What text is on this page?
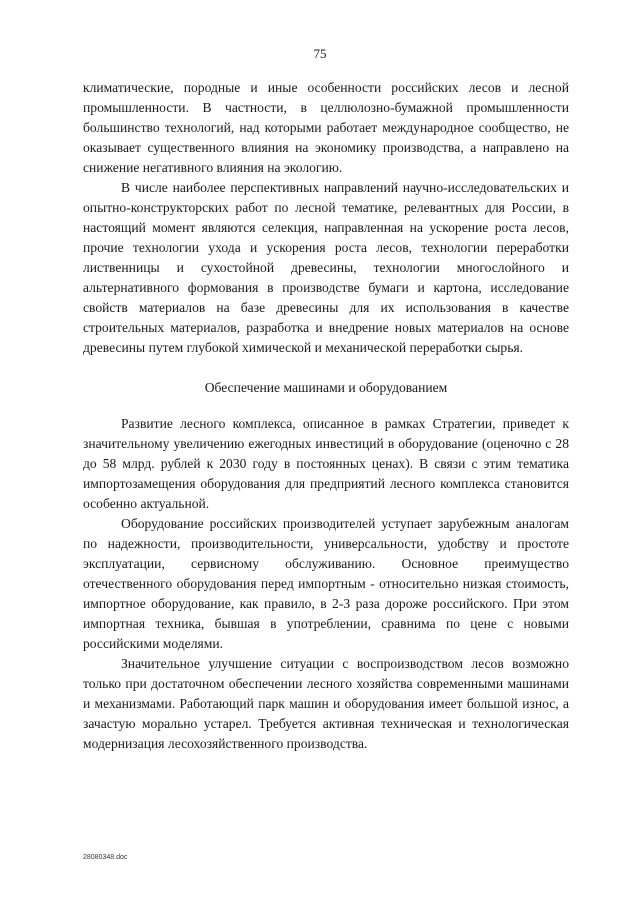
75

климатические, породные и иные особенности российских лесов и лесной промышленности. В частности, в целлюлозно-бумажной промышленности большинство технологий, над которыми работает международное сообщество, не оказывает существенного влияния на экономику производства, а направлено на снижение негативного влияния на экологию.

В числе наиболее перспективных направлений научно-исследовательских и опытно-конструкторских работ по лесной тематике, релевантных для России, в настоящий момент являются селекция, направленная на ускорение роста лесов, прочие технологии ухода и ускорения роста лесов, технологии переработки лиственницы и сухостойной древесины, технологии многослойного и альтернативного формования в производстве бумаги и картона, исследование свойств материалов на базе древесины для их использования в качестве строительных материалов, разработка и внедрение новых материалов на основе древесины путем глубокой химической и механической переработки сырья.

Обеспечение машинами и оборудованием

Развитие лесного комплекса, описанное в рамках Стратегии, приведет к значительному увеличению ежегодных инвестиций в оборудование (оценочно с 28 до 58 млрд. рублей к 2030 году в постоянных ценах). В связи с этим тематика импортозамещения оборудования для предприятий лесного комплекса становится особенно актуальной.

Оборудование российских производителей уступает зарубежным аналогам по надежности, производительности, универсальности, удобству и простоте эксплуатации, сервисному обслуживанию. Основное преимущество отечественного оборудования перед импортным - относительно низкая стоимость, импортное оборудование, как правило, в 2-3 раза дороже российского. При этом импортная техника, бывшая в употреблении, сравнима по цене с новыми российскими моделями.

Значительное улучшение ситуации с воспроизводством лесов возможно только при достаточном обеспечении лесного хозяйства современными машинами и механизмами. Работающий парк машин и оборудования имеет большой износ, а зачастую морально устарел. Требуется активная техническая и технологическая модернизация лесохозяйственного производства.

28080348.doc
